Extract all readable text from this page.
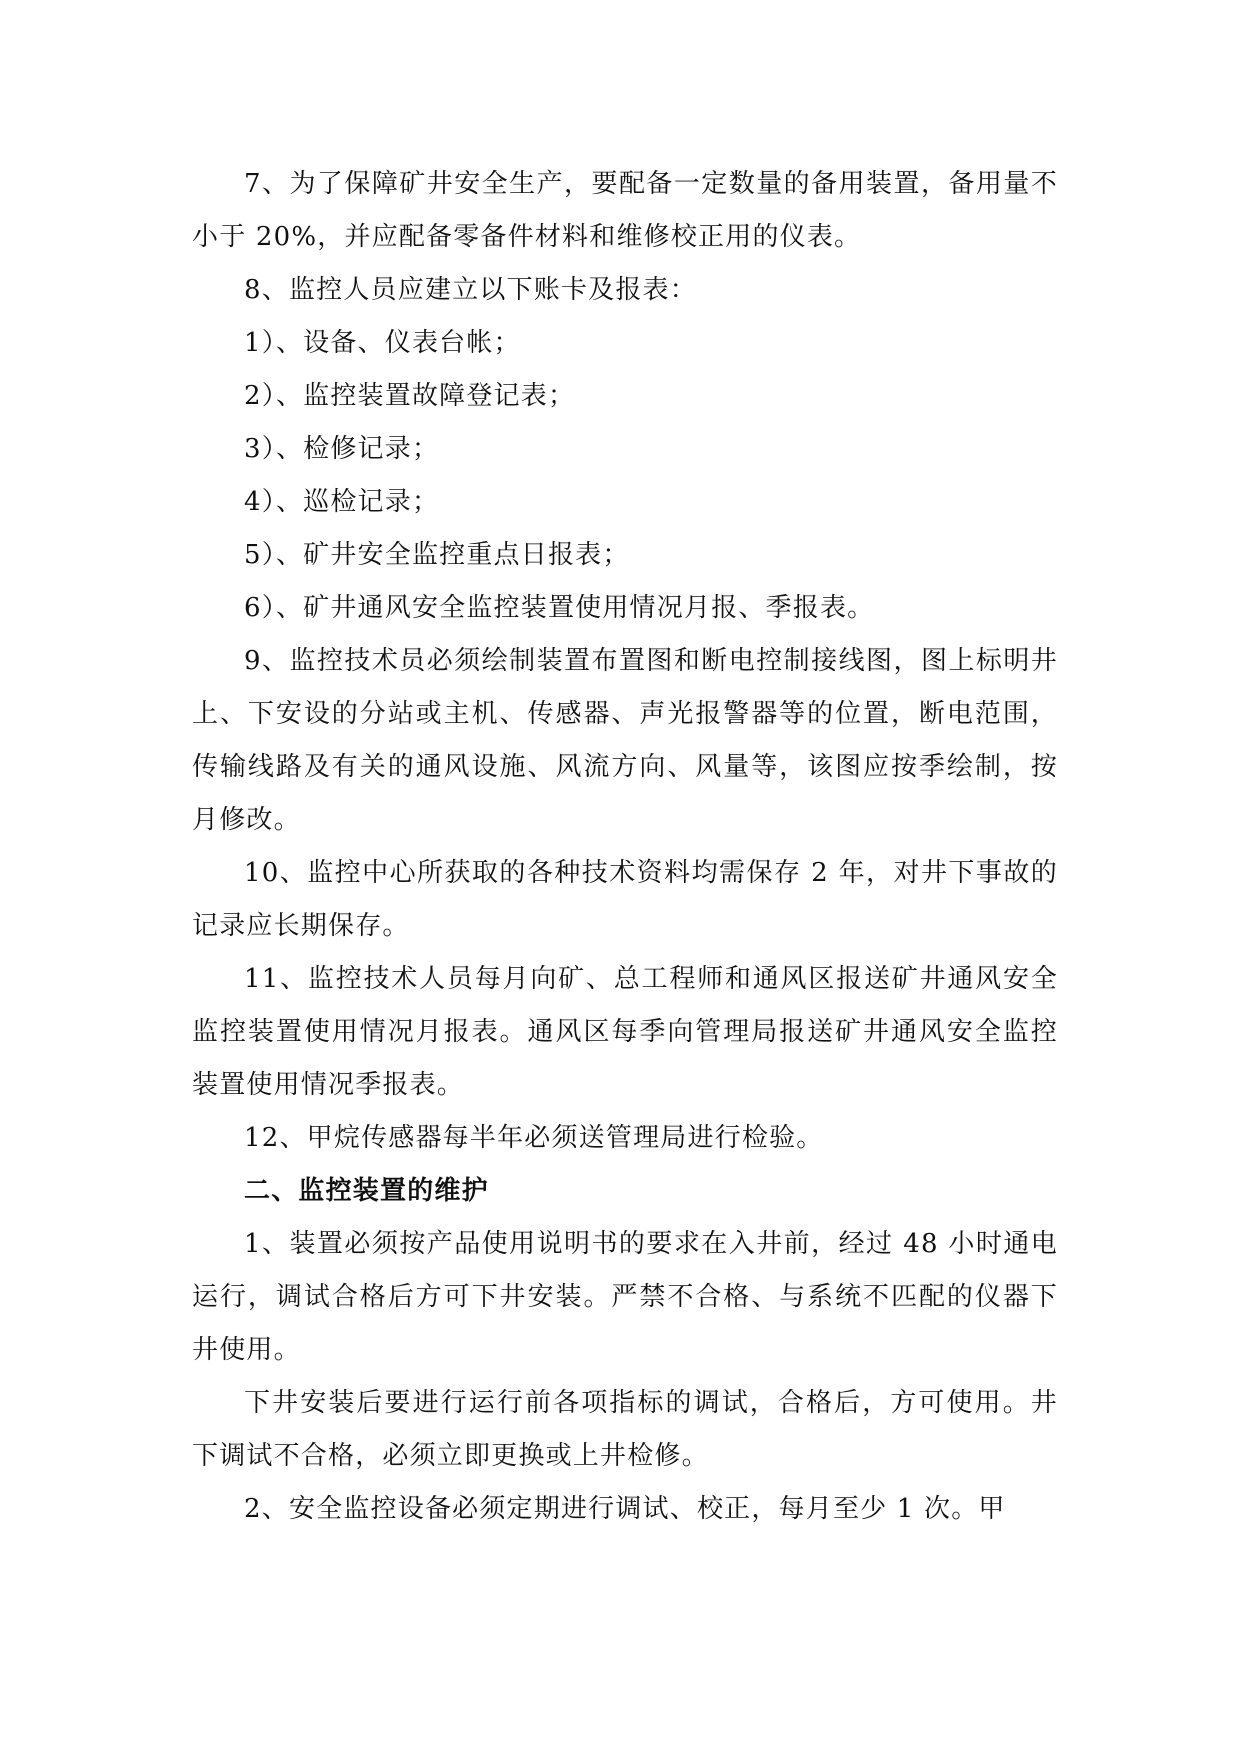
7、为了保障矿井安全生产，要配备一定数量的备用装置，备用量不小于 20%，并应配备零备件材料和维修校正用的仪表。

8、监控人员应建立以下账卡及报表：

1）、设备、仪表台帐；

2）、监控装置故障登记表；

3）、检修记录；

4）、巡检记录；

5）、矿井安全监控重点日报表；

6）、矿井通风安全监控装置使用情况月报、季报表。

9、监控技术员必须绘制装置布置图和断电控制接线图，图上标明井上、下安设的分站或主机、传感器、声光报警器等的位置，断电范围，传输线路及有关的通风设施、风流方向、风量等，该图应按季绘制，按月修改。

10、监控中心所获取的各种技术资料均需保存 2 年，对井下事故的记录应长期保存。

11、监控技术人员每月向矿、总工程师和通风区报送矿井通风安全监控装置使用情况月报表。通风区每季向管理局报送矿井通风安全监控装置使用情况季报表。

12、甲烷传感器每半年必须送管理局进行检验。

二、监控装置的维护

1、装置必须按产品使用说明书的要求在入井前，经过 48 小时通电运行，调试合格后方可下井安装。严禁不合格、与系统不匹配的仪器下井使用。

下井安装后要进行运行前各项指标的调试，合格后，方可使用。井下调试不合格，必须立即更换或上井检修。

2、安全监控设备必须定期进行调试、校正，每月至少 1 次。甲
